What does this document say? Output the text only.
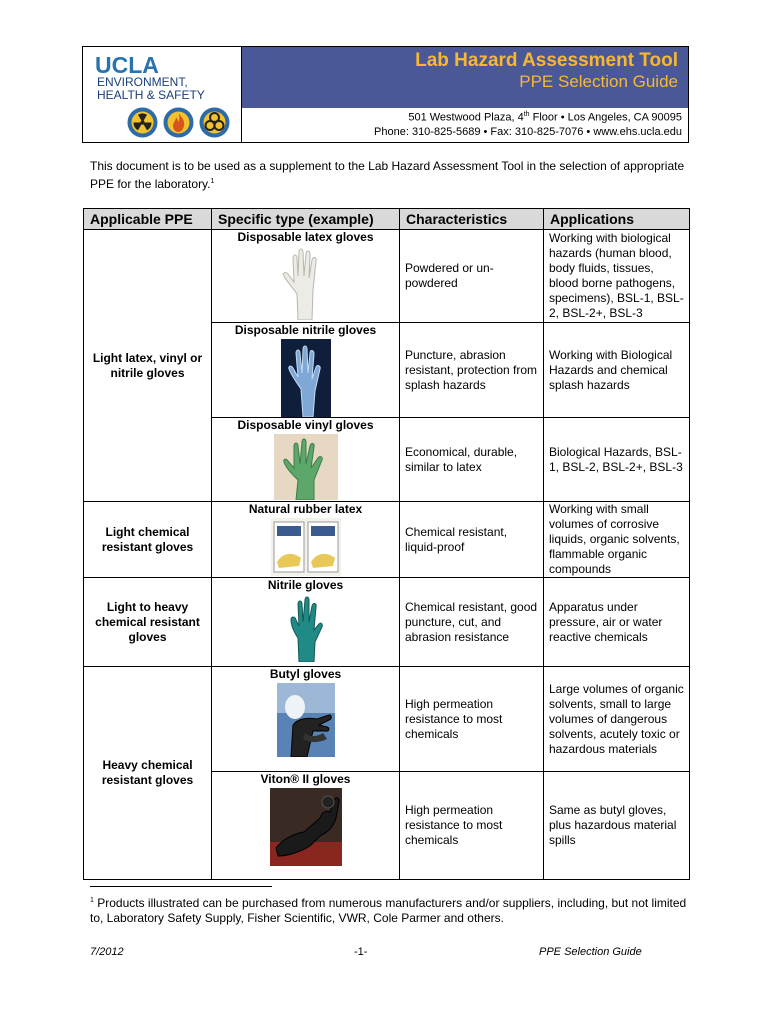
UCLA
ENVIRONMENT,
HEALTH & SAFETY
Lab Hazard Assessment Tool
PPE Selection Guide
501 Westwood Plaza, 4th Floor • Los Angeles, CA 90095
Phone: 310-825-5689 • Fax: 310-825-7076 • www.ehs.ucla.edu
This document is to be used as a supplement to the Lab Hazard Assessment Tool in the selection of appropriate PPE for the laboratory.$^1$
Applicable PPE	Specific type (example)	Characteristics	Applications
Light latex, vinyl or nitrile gloves	Disposable latex gloves	Powdered or un-powdered	Working with biological hazards (human blood, body fluids, tissues, blood borne pathogens, specimens), BSL-1, BSL-2, BSL-2+, BSL-3

	Disposable nitrile gloves	Puncture, abrasion resistant, protection from splash hazards	Working with Biological Hazards and chemical splash hazards

	Disposable vinyl gloves	Economical, durable, similar to latex	Biological Hazards, BSL-1, BSL-2, BSL-2+, BSL-3
Light chemical resistant gloves	Natural rubber latex	Chemical resistant, liquid-proof	Working with small volumes of corrosive liquids, organic solvents, flammable organic compounds
Light to heavy chemical resistant gloves	Nitrile gloves	Chemical resistant, good puncture, cut, and abrasion resistance	Apparatus under pressure, air or water reactive chemicals
Heavy chemical resistant gloves	Butyl gloves	High permeation resistance to most chemicals	Large volumes of organic solvents, small to large volumes of dangerous solvents, acutely toxic or hazardous materials

	Viton® II gloves	High permeation resistance to most chemicals	Same as butyl gloves, plus hazardous material spills
$^1$ Products illustrated can be purchased from numerous manufacturers and/or suppliers, including, but not limited to, Laboratory Safety Supply, Fisher Scientific, VWR, Cole Parmer and others.
7/2012	-1-	PPE Selection Guide
